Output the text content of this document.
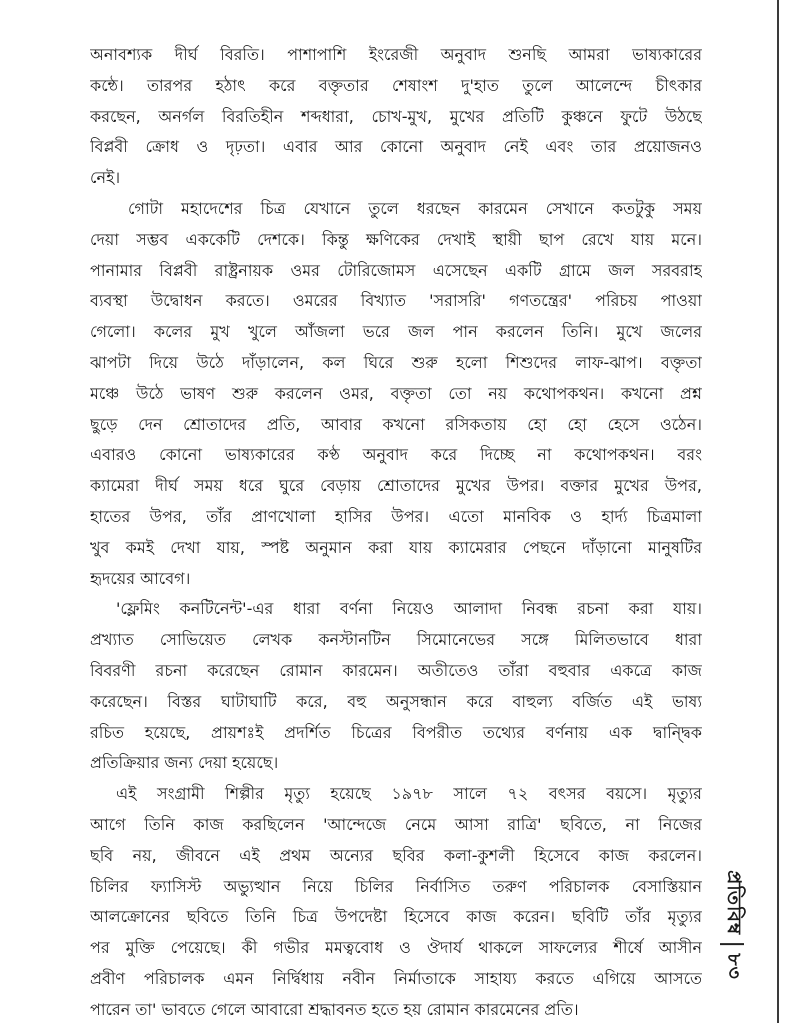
অনাবশ্যক দীর্ঘ বিরতি। পাশাপাশি ইংরেজী অনুবাদ শুনছি আমরা ভাষ্যকারের
কন্ঠে। তারপর হঠাৎ করে বক্তৃতার শেষাংশ দু'হাত তুলে আলেন্দে চীৎকার
করছেন, অনর্গল বিরতিহীন শব্দধারা, চোখ-মুখ, মুখের প্রতিটি কুঞ্চনে ফুটে উঠছে
বিপ্লবী ক্রোধ ও দৃঢ়তা। এবার আর কোনো অনুবাদ নেই এবং তার প্রয়োজনও
নেই।
গোটা মহাদেশের চিত্র যেখানে তুলে ধরছেন কারমেন সেখানে কতটুকু সময়
দেয়া সম্ভব এককেটি দেশকে। কিন্তু ক্ষণিকের দেখাই স্থায়ী ছাপ রেখে যায় মনে।
পানামার বিপ্লবী রাষ্ট্রনায়ক ওমর টোরিজোমস এসেছেন একটি গ্রামে জল সরবরাহ
ব্যবস্থা উদ্বোধন করতে। ওমরের বিখ্যাত 'সরাসরি' গণতন্ত্রের' পরিচয় পাওয়া
গেলো। কলের মুখ খুলে আঁজলা ভরে জল পান করলেন তিনি। মুখে জলের
ঝাপটা দিয়ে উঠে দাঁড়ালেন, কল ঘিরে শুরু হলো শিশুদের লাফ-ঝাপ। বক্তৃতা
মঞ্চে উঠে ভাষণ শুরু করলেন ওমর, বক্তৃতা তো নয় কথোপকথন। কখনো প্রশ্ন
ছুড়ে দেন শ্রোতাদের প্রতি, আবার কখনো রসিকতায় হো হো হেসে ওঠেন।
এবারও কোনো ভাষ্যকারের কণ্ঠ অনুবাদ করে দিচ্ছে না কথোপকথন। বরং
ক্যামেরা দীর্ঘ সময় ধরে ঘুরে বেড়ায় শ্রোতাদের মুখের উপর। বক্তার মুখের উপর,
হাতের উপর, তাঁর প্রাণখোলা হাসির উপর। এতো মানবিক ও হার্দ্য চিত্রমালা
খুব কমই দেখা যায়, স্পষ্ট অনুমান করা যায় ক্যামেরার পেছনে দাঁড়ানো মানুষটির
হৃদয়ের আবেগ।
'ফ্লেমিং কনটিনেন্ট'-এর ধারা বর্ণনা নিয়েও আলাদা নিবন্ধ রচনা করা যায়।
প্রখ্যাত সোভিয়েত লেখক কনস্টানটিন সিমোনেভের সঙ্গে মিলিতভাবে ধারা
বিবরণী রচনা করেছেন রোমান কারমেন। অতীতেও তাঁরা বহুবার একত্রে কাজ
করেছেন। বিস্তর ঘাটাঘাটি করে, বহু অনুসন্ধান করে বাহুল্য বর্জিত এই ভাষ্য
রচিত হয়েছে, প্রায়শঃই প্রদর্শিত চিত্রের বিপরীত তথ্যের বর্ণনায় এক দ্বান্দ্বিক
প্রতিক্রিয়ার জন্য দেয়া হয়েছে।
এই সংগ্রামী শিল্পীর মৃত্যু হয়েছে ১৯৭৮ সালে ৭২ বৎসর বয়সে। মৃত্যুর
আগে তিনি কাজ করছিলেন 'আন্দেজে নেমে আসা রাত্রি' ছবিতে, না নিজের
ছবি নয়, জীবনে এই প্রথম অন্যের ছবির কলা-কুশলী হিসেবে কাজ করলেন।
চিলির ফ্যাসিস্ট অভ্যুত্থান নিয়ে চিলির নির্বাসিত তরুণ পরিচালক বেসাস্তিয়ান
আলক্রোনের ছবিতে তিনি চিত্র উপদেষ্টা হিসেবে কাজ করেন। ছবিটি তাঁর মৃত্যুর
পর মুক্তি পেয়েছে। কী গভীর মমত্ববোধ ও ঔদার্য থাকলে সাফল্যের শীর্ষে আসীন
প্রবীণ পরিচালক এমন নির্দ্বিধায় নবীন নির্মাতাকে সাহায্য করতে এগিয়ে আসতে
পারেন তা' ভাবতে গেলে আবারো শ্রদ্ধাবনত হতে হয় রোমান কারমেনের প্রতি।
প্রতিবিম্ব
৮৩
